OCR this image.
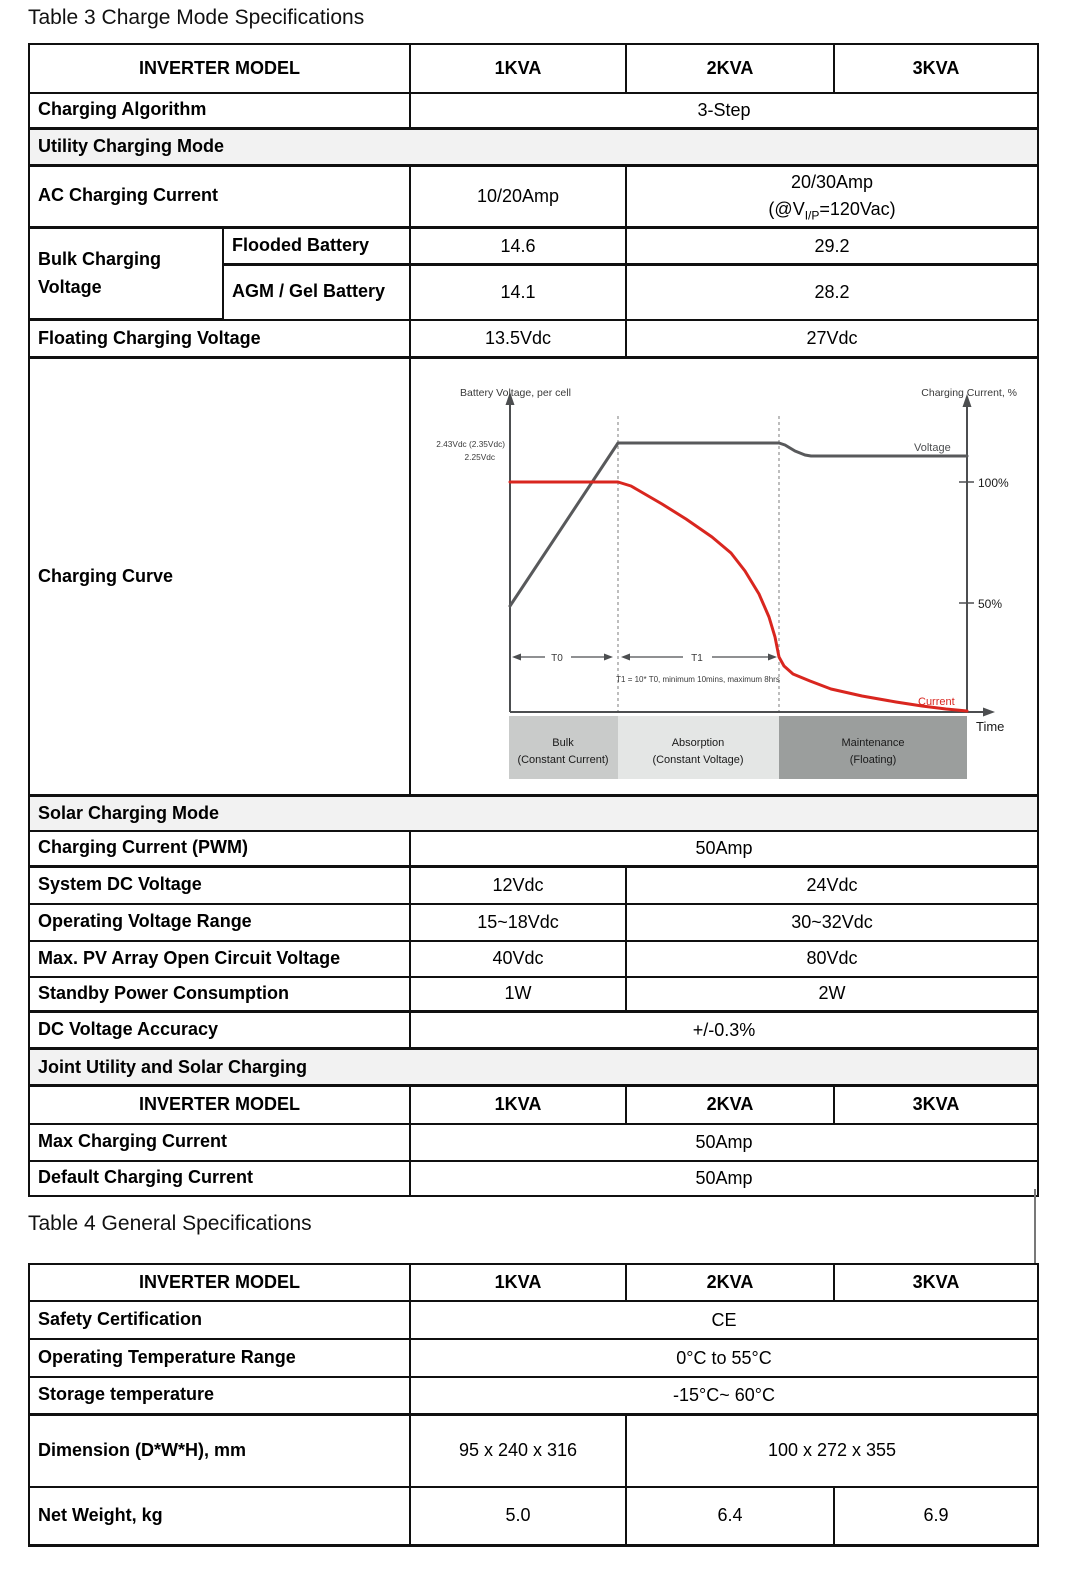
Table 3 Charge Mode Specifications
INVERTER MODEL		1KVA	2KVA	3KVA
Charging Algorithm		3-Step		
Utility Charging Mode				
AC Charging Current		10/20Amp	20/30Amp
$(@V_{I/P}=120Vac)$	

Bulk Charging Voltage	Flooded Battery	14.6	29.2	
	AGM / Gel Battery	14.1	28.2	
Floating Charging Voltage		13.5Vdc	27Vdc	
Charging Curve	
Battery Voltage, per cell	Charging Current, %
2.43Vdc (2.35Vdc)
2.25Vdc
Voltage
100%
50%
T0	T1
T1 = 10* T0, minimum 10mins, maximum 8hrs
Current
Time
Bulk
(Constant Current)
Absorption
(Constant Voltage)
Maintenance
(Floating)

Solar Charging Mode				
Charging Current (PWM)		50Amp		
System DC Voltage		12Vdc	24Vdc	
Operating Voltage Range		15~18Vdc	30~32Vdc	
Max. PV Array Open Circuit Voltage		40Vdc	80Vdc	
Standby Power Consumption		1W	2W	
DC Voltage Accuracy		+/-0.3%		
Joint Utility and Solar Charging				
INVERTER MODEL		1KVA	2KVA	3KVA
Max Charging Current		50Amp		
Default Charging Current		50Amp		
Table 4 General Specifications
INVERTER MODEL	1KVA	2KVA	3KVA
Safety Certification	CE		
Operating Temperature Range	0°C to 55°C		
Storage temperature	-15°C~ 60°C		
Dimension (D*W*H), mm	95 x 240 x 316	100 x 272 x 355	
Net Weight, kg	5.0	6.4	6.9
